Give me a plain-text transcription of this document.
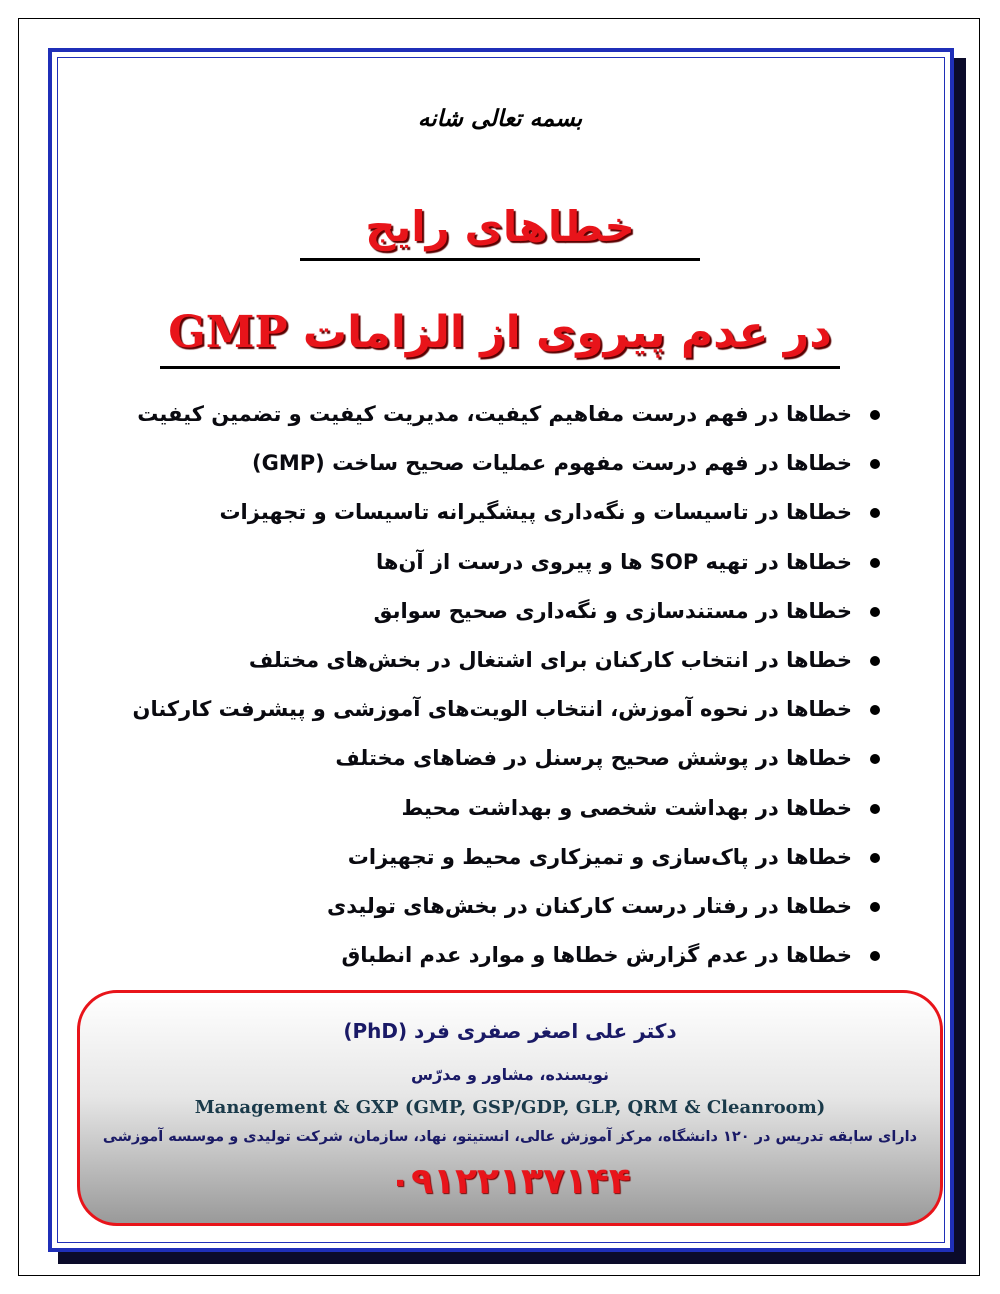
بسمه تعالی شانه
خطاهای رایج
در عدم پیروی از الزامات GMP
خطاها در فهم درست مفاهیم کیفیت، مدیریت کیفیت و تضمین کیفیت
خطاها در فهم درست مفهوم عملیات صحیح ساخت (GMP)
خطاها در تاسیسات و نگه‌داری پیشگیرانه تاسیسات و تجهیزات
خطاها در تهیه SOP ها و پیروی درست از آن‌ها
خطاها در مستندسازی و نگه‌داری صحیح سوابق
خطاها در انتخاب کارکنان برای اشتغال در بخش‌های مختلف
خطاها در نحوه آموزش، انتخاب الویت‌های آموزشی و پیشرفت کارکنان
خطاها در پوشش صحیح پرسنل در فضاهای مختلف
خطاها در بهداشت شخصی و بهداشت محیط
خطاها در پاک‌سازی و تمیزکاری محیط و تجهیزات
خطاها در رفتار درست کارکنان در بخش‌های تولیدی
خطاها در عدم گزارش خطاها و موارد عدم انطباق
دکتر علی اصغر صفری فرد (PhD)
نویسنده، مشاور و مدرّس
Management & GXP (GMP, GSP/GDP, GLP, QRM & Cleanroom)
دارای سابقه تدریس در ۱۲۰ دانشگاه، مرکز آموزش عالی، انستیتو، نهاد، سازمان، شرکت تولیدی و موسسه آموزشی
۰۹۱۲۲۱۳۷۱۴۴
